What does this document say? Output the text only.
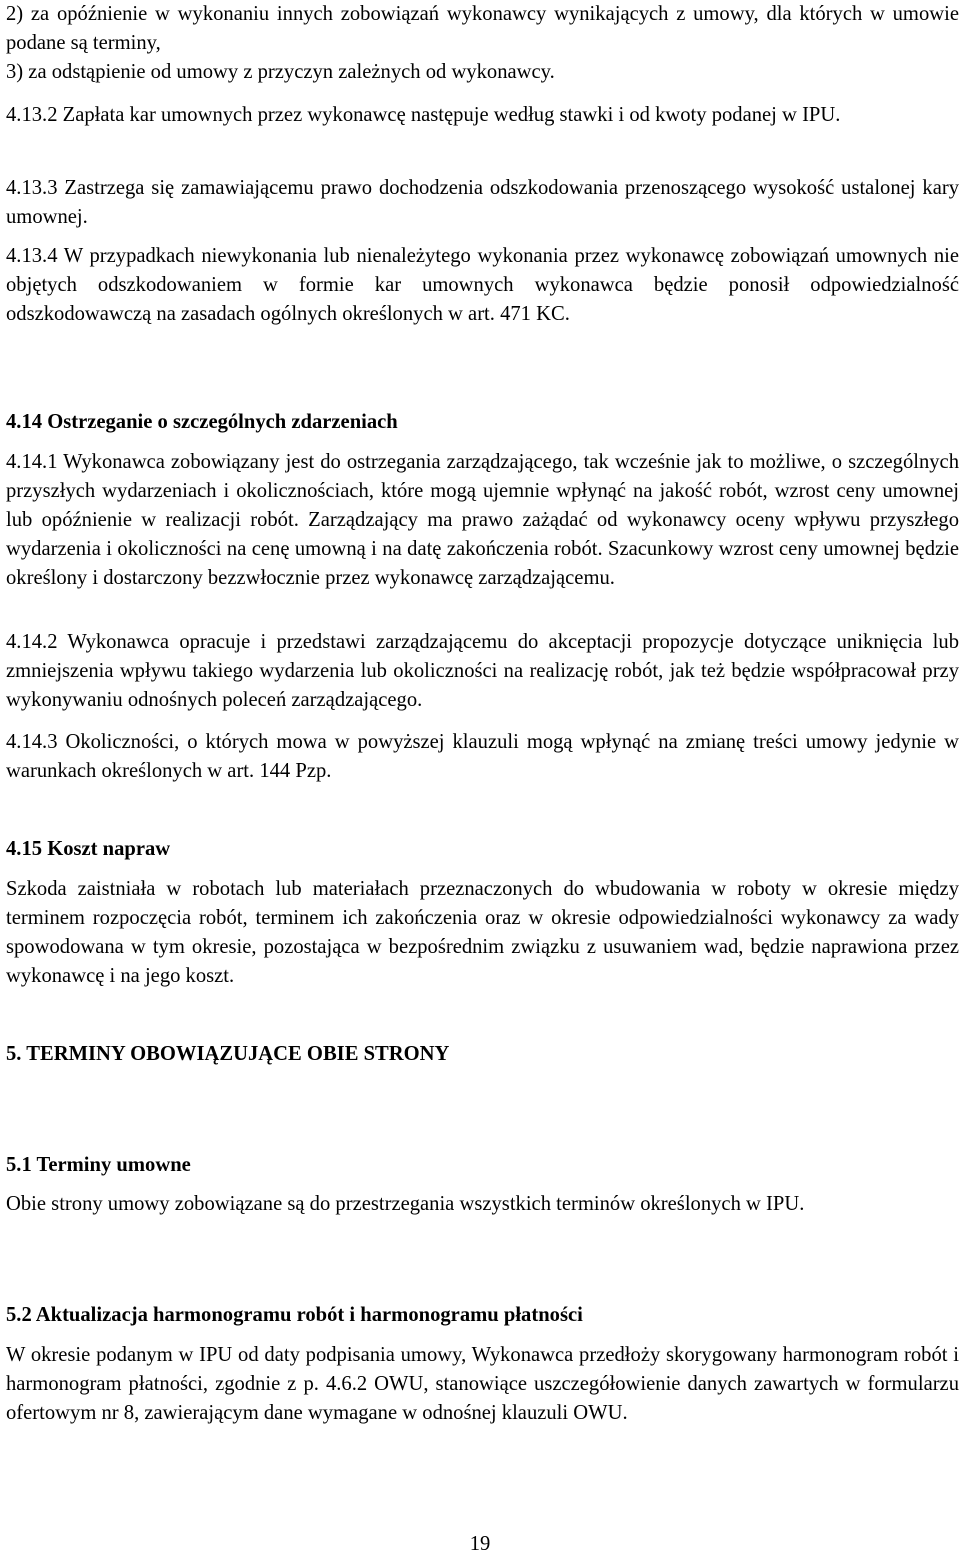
2) za opóźnienie w wykonaniu innych zobowiązań wykonawcy wynikających z umowy, dla których w umowie podane są terminy,

3) za odstąpienie od umowy z przyczyn zależnych od wykonawcy.

4.13.2 Zapłata kar umownych przez wykonawcę następuje według stawki i od kwoty podanej w IPU.

4.13.3 Zastrzega się zamawiającemu prawo dochodzenia odszkodowania przenoszącego wysokość ustalonej kary umownej.

4.13.4 W przypadkach niewykonania lub nienależytego wykonania przez wykonawcę zobowiązań umownych nie objętych odszkodowaniem w formie kar umownych wykonawca będzie ponosił odpowiedzialność odszkodowawczą na zasadach ogólnych określonych w art. 471 KC.

4.14 Ostrzeganie o szczególnych zdarzeniach

4.14.1 Wykonawca zobowiązany jest do ostrzegania zarządzającego, tak wcześnie jak to możliwe, o szczególnych przyszłych wydarzeniach i okolicznościach, które mogą ujemnie wpłynąć na jakość robót, wzrost ceny umownej lub opóźnienie w realizacji robót. Zarządzający ma prawo zażądać od wykonawcy oceny wpływu przyszłego wydarzenia i okoliczności na cenę umowną i na datę zakończenia robót. Szacunkowy wzrost ceny umownej będzie określony i dostarczony bezzwłocznie przez wykonawcę zarządzającemu.

4.14.2 Wykonawca opracuje i przedstawi zarządzającemu do akceptacji propozycje dotyczące uniknięcia lub zmniejszenia wpływu takiego wydarzenia lub okoliczności na realizację robót, jak też będzie współpracował przy wykonywaniu odnośnych poleceń zarządzającego.

4.14.3 Okoliczności, o których mowa w powyższej klauzuli mogą wpłynąć na zmianę treści umowy jedynie w warunkach określonych w art. 144 Pzp.

4.15 Koszt napraw

Szkoda zaistniała w robotach lub materiałach przeznaczonych do wbudowania w roboty w okresie między terminem rozpoczęcia robót, terminem ich zakończenia oraz w okresie odpowiedzialności wykonawcy za wady spowodowana w tym okresie, pozostająca w bezpośrednim związku z usuwaniem wad, będzie naprawiona przez wykonawcę i na jego koszt.

5. TERMINY OBOWIĄZUJĄCE OBIE STRONY
5.1 Terminy umowne

Obie strony umowy zobowiązane są do przestrzegania wszystkich terminów określonych w IPU.

5.2 Aktualizacja harmonogramu robót i harmonogramu płatności

W okresie podanym w IPU od daty podpisania umowy, Wykonawca przedłoży skorygowany harmonogram robót i harmonogram płatności, zgodnie z p. 4.6.2 OWU, stanowiące uszczegółowienie danych zawartych w formularzu ofertowym nr 8, zawierającym dane wymagane w odnośnej klauzuli OWU.

19
